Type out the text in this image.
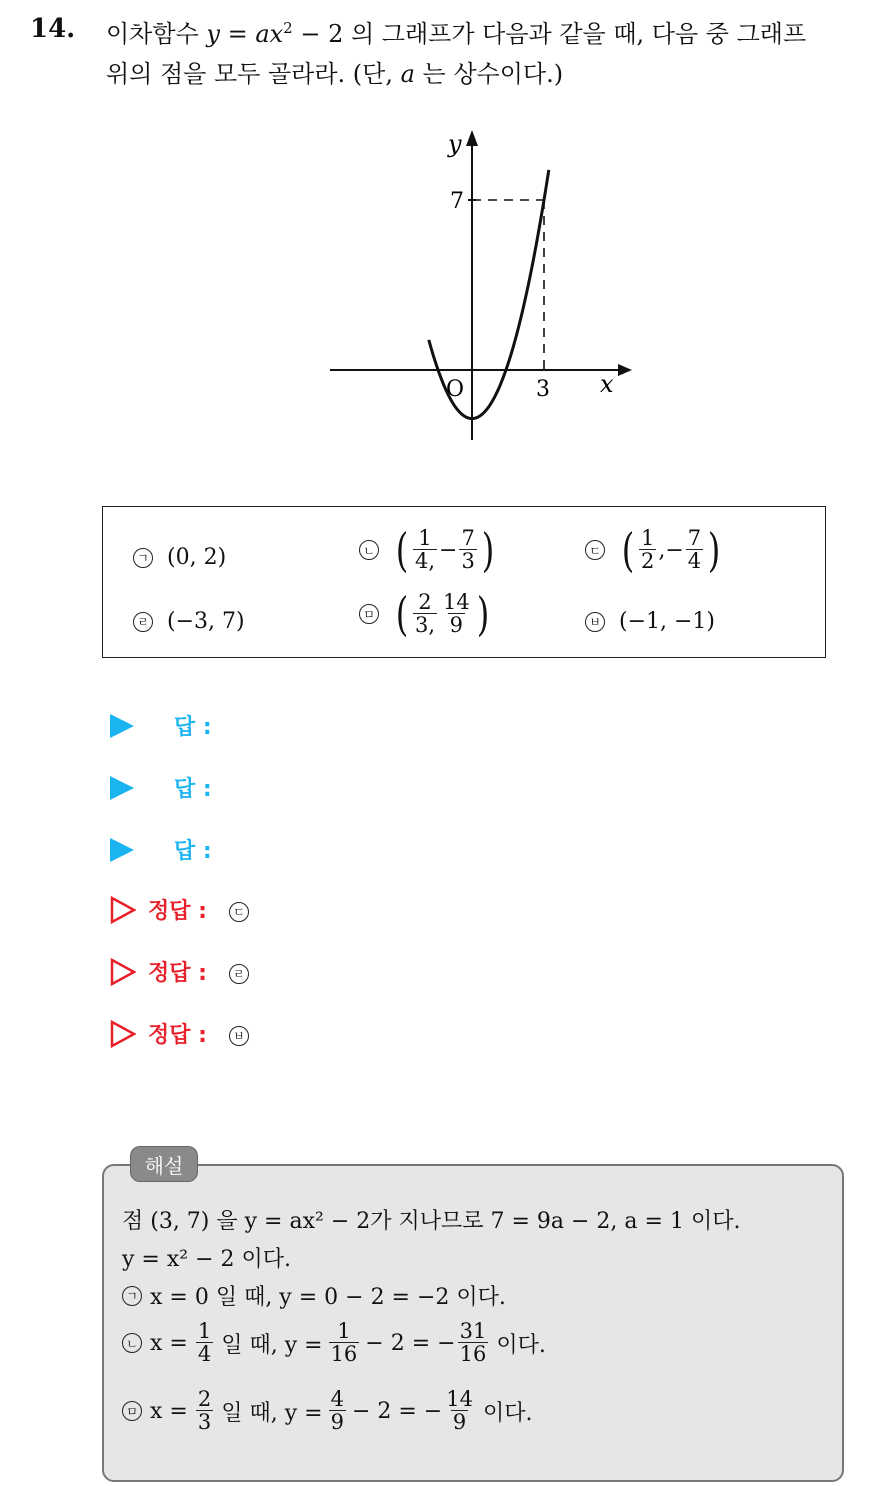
14. 이차함수 $y = ax^2 - 2$ 의 그래프가 다음과 같을 때, 다음 중 그래프
위의 점을 모두 골라라. (단, a 는 상수이다.)
y
x
O	3
7
ㄱ (0, 2)	ㄴ ( $\frac{1}{4,} - \frac{7}{3}$ )	ㄷ ( $\frac{1}{2}$ ,− $\frac{7}{4}$ )
ㄹ (−3, 7)	ㅁ ( $\frac{2}{3,} \frac{14}{9}$ )	ㅂ (−1, −1)
답 :
답 :
답 :
정답 :	ㄷ
정답 :	ㄹ
정답 :	ㅂ
해설
점 (3, 7) 을 y = ax² − 2가 지나므로 7 = 9a − 2, a = 1 이다.
y = x² − 2 이다.
ㄱ x = 0 일 때, y = 0 − 2 = −2 이다.
ㄴ $x = \frac{1}{4}$ 일 때, $y = \frac{1}{16} - 2$ = − $\frac{31}{16}$ 이다.
ㅁ $x = \frac{2}{3}$ 일 때, $y = \frac{4}{9} - 2$ = − $\frac{14}{9}$ 이다.
